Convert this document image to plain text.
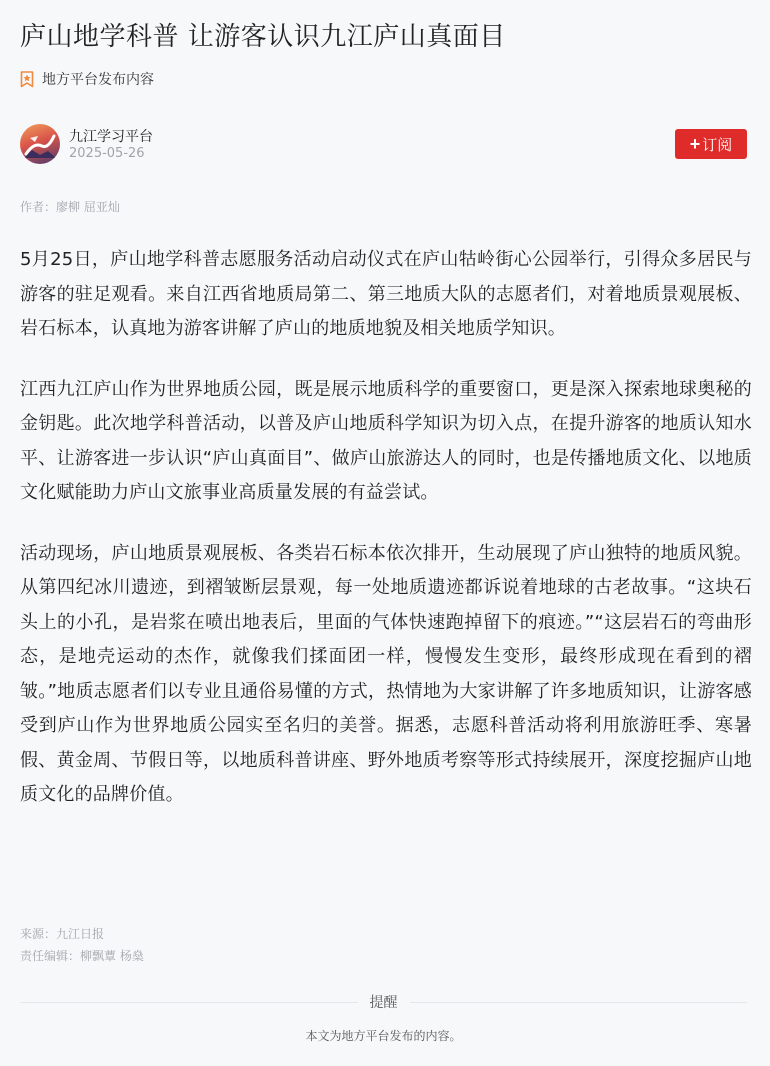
庐山地学科普 让游客认识九江庐山真面目
地方平台发布内容
九江学习平台
2025-05-26	+ 订阅
作者：廖柳 屈亚灿

5月25日，庐山地学科普志愿服务活动启动仪式在庐山牯岭街心公园举行，引得众多居民与游客的驻足观看。来自江西省地质局第二、第三地质大队的志愿者们，对着地质景观展板、岩石标本，认真地为游客讲解了庐山的地质地貌及相关地质学知识。

江西九江庐山作为世界地质公园，既是展示地质科学的重要窗口，更是深入探索地球奥秘的金钥匙。此次地学科普活动，以普及庐山地质科学知识为切入点，在提升游客的地质认知水平、让游客进一步认识“庐山真面目”、做庐山旅游达人的同时，也是传播地质文化、以地质文化赋能助力庐山文旅事业高质量发展的有益尝试。

活动现场，庐山地质景观展板、各类岩石标本依次排开，生动展现了庐山独特的地质风貌。从第四纪冰川遗迹，到褶皱断层景观，每一处地质遗迹都诉说着地球的古老故事。“这块石头上的小孔，是岩浆在喷出地表后，里面的气体快速跑掉留下的痕迹。”“这层岩石的弯曲形态，是地壳运动的杰作，就像我们揉面团一样，慢慢发生变形，最终形成现在看到的褶皱。”地质志愿者们以专业且通俗易懂的方式，热情地为大家讲解了许多地质知识，让游客感受到庐山作为世界地质公园实至名归的美誉。据悉，志愿科普活动将利用旅游旺季、寒暑假、黄金周、节假日等，以地质科普讲座、野外地质考察等形式持续展开，深度挖掘庐山地质文化的品牌价值。

来源：九江日报
责任编辑：柳飘蕈 杨燊
提醒
本文为地方平台发布的内容。
